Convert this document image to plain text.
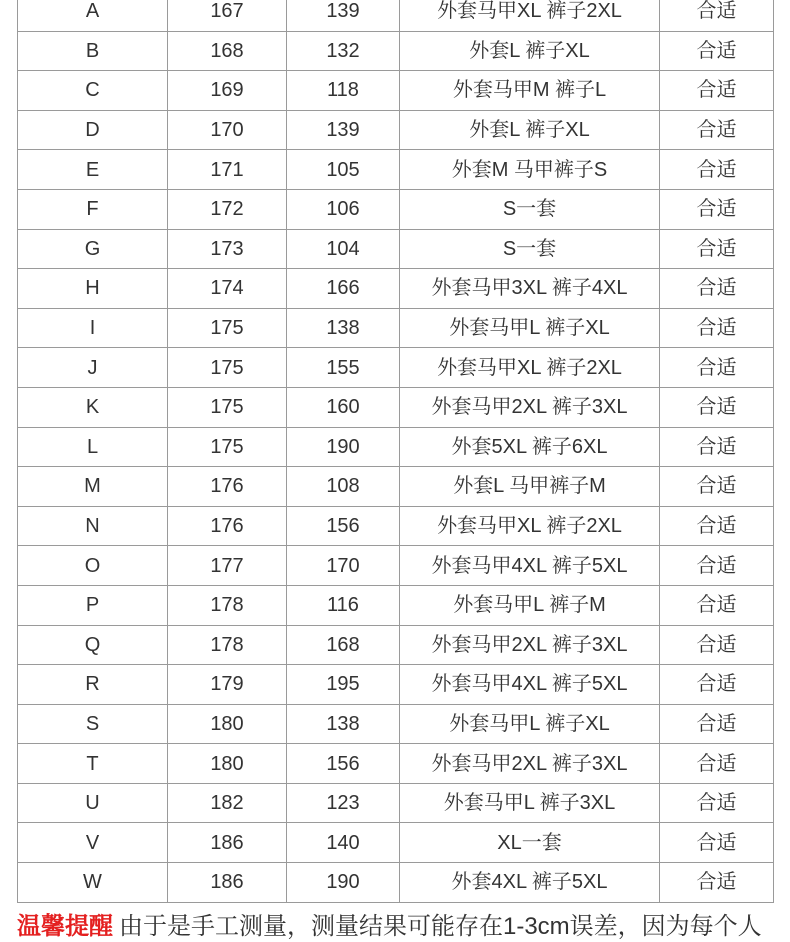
A	167	139	外套马甲XL 裤子2XL	合适
B	168	132	外套L 裤子XL	合适
C	169	118	外套马甲M 裤子L	合适
D	170	139	外套L 裤子XL	合适
E	171	105	外套M 马甲裤子S	合适
F	172	106	S一套	合适
G	173	104	S一套	合适
H	174	166	外套马甲3XL 裤子4XL	合适
I	175	138	外套马甲L 裤子XL	合适
J	175	155	外套马甲XL 裤子2XL	合适
K	175	160	外套马甲2XL 裤子3XL	合适
L	175	190	外套5XL 裤子6XL	合适
M	176	108	外套L 马甲裤子M	合适
N	176	156	外套马甲XL 裤子2XL	合适
O	177	170	外套马甲4XL 裤子5XL	合适
P	178	116	外套马甲L 裤子M	合适
Q	178	168	外套马甲2XL 裤子3XL	合适
R	179	195	外套马甲4XL 裤子5XL	合适
S	180	138	外套马甲L 裤子XL	合适
T	180	156	外套马甲2XL 裤子3XL	合适
U	182	123	外套马甲L 裤子3XL	合适
V	186	140	XL一套	合适
W	186	190	外套4XL 裤子5XL	合适
温馨提醒 由于是手工测量，测量结果可能存在1-3cm误差，因为每个人
